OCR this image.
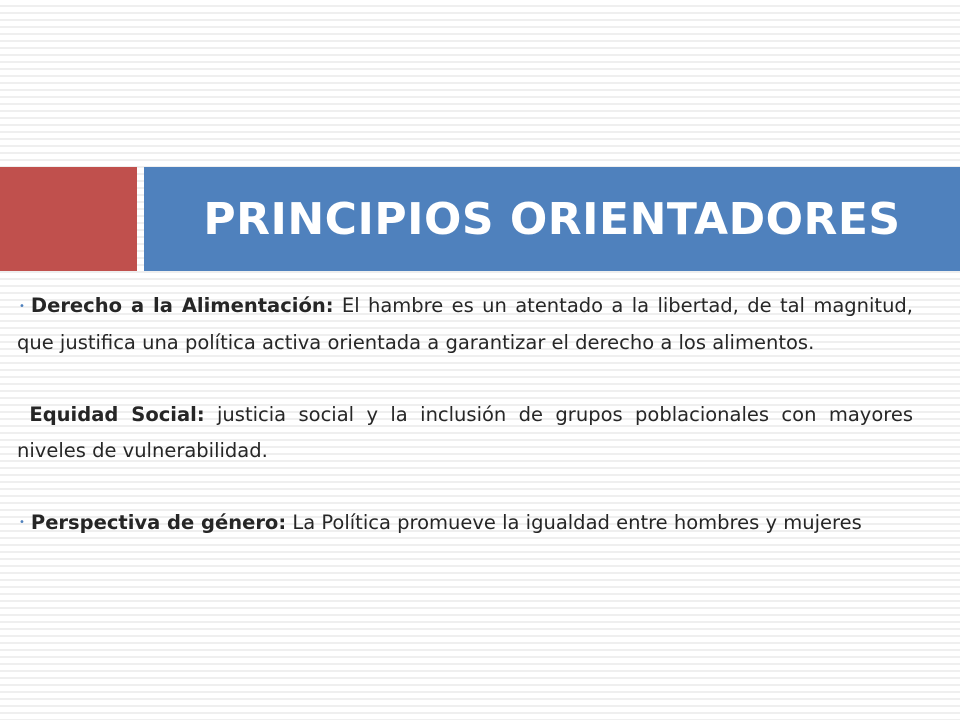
PRINCIPIOS ORIENTADORES

• Derecho a la Alimentación: El hambre es un atentado a la libertad, de tal magnitud, que justifica una política activa orientada a garantizar el derecho a los alimentos.

Equidad Social: justicia social y la inclusión de grupos poblacionales con mayores niveles de vulnerabilidad.

• Perspectiva de género: La Política promueve la igualdad entre hombres y mujeres
